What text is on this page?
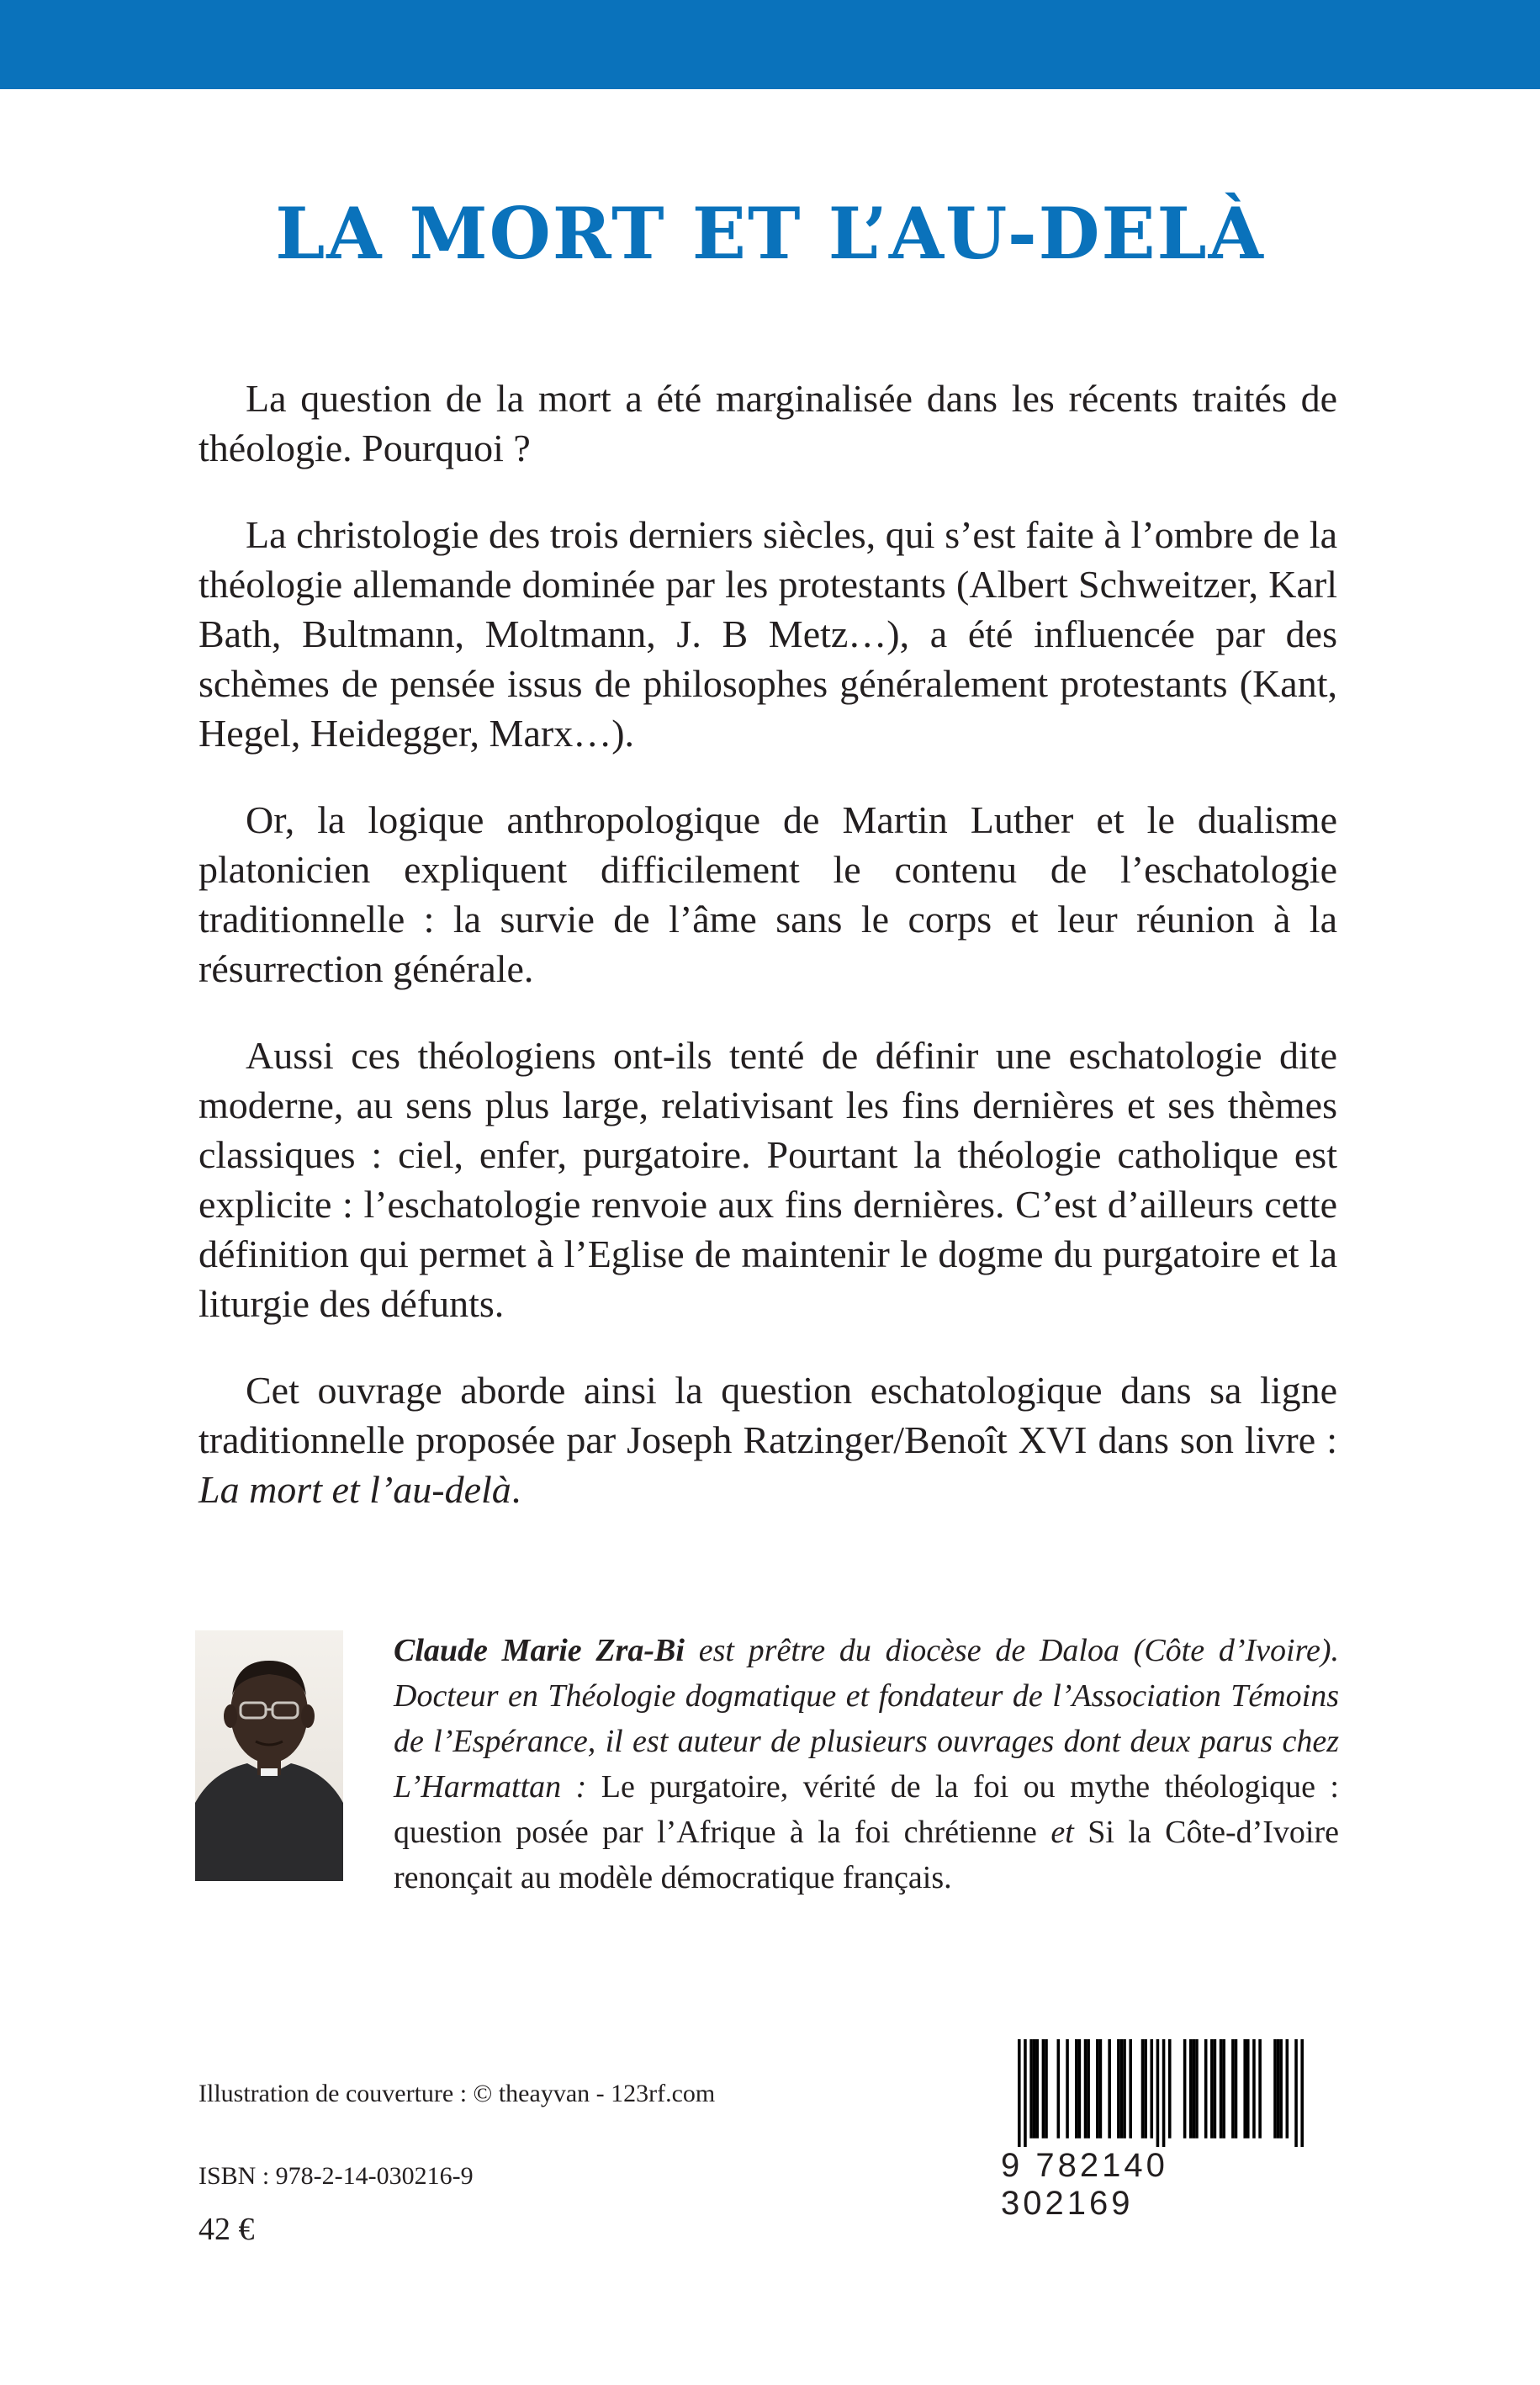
LA MORT ET L’AU-DELÀ

La question de la mort a été marginalisée dans les récents traités de théologie. Pourquoi ?

La christologie des trois derniers siècles, qui s’est faite à l’ombre de la théologie allemande dominée par les protestants (Albert Schweitzer, Karl Bath, Bultmann, Moltmann, J. B Metz…), a été influencée par des schèmes de pensée issus de philosophes généralement protestants (Kant, Hegel, Heidegger, Marx…).

Or, la logique anthropologique de Martin Luther et le dualisme platonicien expliquent difficilement le contenu de l’eschatologie traditionnelle : la survie de l’âme sans le corps et leur réunion à la résurrection générale.

Aussi ces théologiens ont-ils tenté de définir une eschatologie dite moderne, au sens plus large, relativisant les fins dernières et ses thèmes classiques : ciel, enfer, purgatoire. Pourtant la théologie catholique est explicite : l’eschatologie renvoie aux fins dernières. C’est d’ailleurs cette définition qui permet à l’Eglise de maintenir le dogme du purgatoire et la liturgie des défunts.

Cet ouvrage aborde ainsi la question eschatologique dans sa ligne traditionnelle proposée par Joseph Ratzinger/Benoît XVI dans son livre : La mort et l’au-delà.

Claude Marie Zra-Bi est prêtre du diocèse de Daloa (Côte d’Ivoire). Docteur en Théologie dogmatique et fondateur de l’Association Témoins de l’Espérance, il est auteur de plusieurs ouvrages dont deux parus chez L’Harmattan : Le purgatoire, vérité de la foi ou mythe théologique : question posée par l’Afrique à la foi chrétienne et Si la Côte-d’Ivoire renonçait au modèle démocratique français.
Illustration de couverture : © theayvan - 123rf.com
ISBN : 978-2-14-030216-9
42 €
9 782140 302169
